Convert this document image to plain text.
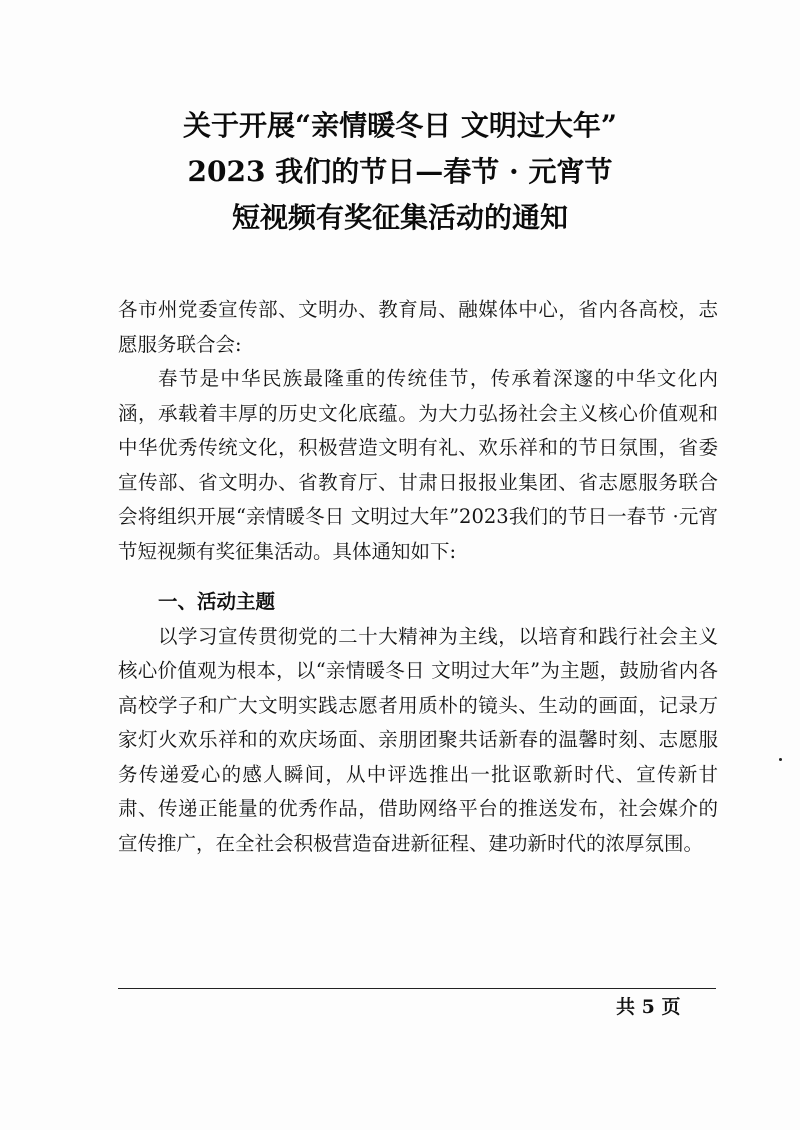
关于开展“亲情暖冬日 文明过大年”
2023 我们的节日—春节 · 元宵节
短视频有奖征集活动的通知

各市州党委宣传部、文明办、教育局、融媒体中心，省内各高校，志愿服务联合会:

春节是中华民族最隆重的传统佳节，传承着深邃的中华文化内涵，承载着丰厚的历史文化底蕴。为大力弘扬社会主义核心价值观和中华优秀传统文化，积极营造文明有礼、欢乐祥和的节日氛围，省委宣传部、省文明办、省教育厅、甘肃日报报业集团、省志愿服务联合会将组织开展“亲情暖冬日 文明过大年”2023我们的节日一春节 ·元宵节短视频有奖征集活动。具体通知如下:

一、活动主题

以学习宣传贯彻党的二十大精神为主线，以培育和践行社会主义核心价值观为根本，以“亲情暖冬日 文明过大年”为主题，鼓励省内各高校学子和广大文明实践志愿者用质朴的镜头、生动的画面，记录万家灯火欢乐祥和的欢庆场面、亲朋团聚共话新春的温馨时刻、志愿服务传递爱心的感人瞬间，从中评选推出一批讴歌新时代、宣传新甘肃、传递正能量的优秀作品，借助网络平台的推送发布，社会媒介的宣传推广，在全社会积极营造奋进新征程、建功新时代的浓厚氛围。

共 5 页
